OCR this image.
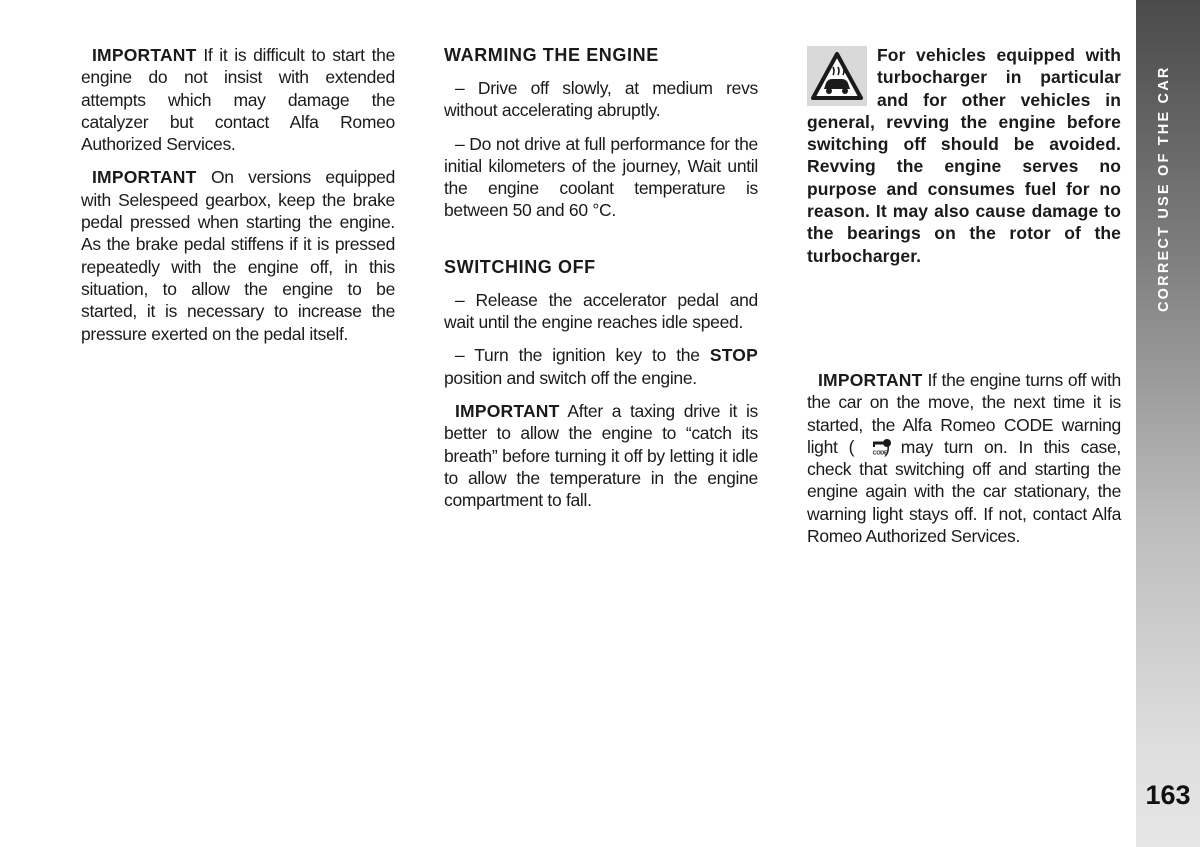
IMPORTANT If it is difficult to start the engine do not insist with extended attempts which may damage the catalyzer but contact Alfa Romeo Authorized Services.

IMPORTANT On versions equipped with Selespeed gearbox, keep the brake pedal pressed when starting the engine. As the brake pedal stiffens if it is pressed repeatedly with the engine off, in this situation, to allow the engine to be started, it is necessary to increase the pressure exerted on the pedal itself.

WARMING THE ENGINE

– Drive off slowly, at medium revs without accelerating abruptly.

– Do not drive at full performance for the initial kilometers of the journey, Wait until the engine coolant temperature is between 50 and 60 °C.

SWITCHING OFF

– Release the accelerator pedal and wait until the engine reaches idle speed.

– Turn the ignition key to the STOP position and switch off the engine.

IMPORTANT After a taxing drive it is better to allow the engine to “catch its breath” before turning it off by letting it idle to allow the temperature in the engine compartment to fall.

For vehicles equipped with turbocharger in particular and for other vehicles in general, revving the engine before switching off should be avoided. Revving the engine serves no purpose and consumes fuel for no reason. It may also cause damage to the bearings on the rotor of the turbocharger.

IMPORTANT If the engine turns off with the car on the move, the next time it is started, the Alfa Romeo CODE warning light (	CODE
) may turn on. In this case, check that switching off and starting the engine again with the car stationary, the warning light stays off. If not, contact Alfa Romeo Authorized Services.

CORRECT USE OF THE CAR
163
